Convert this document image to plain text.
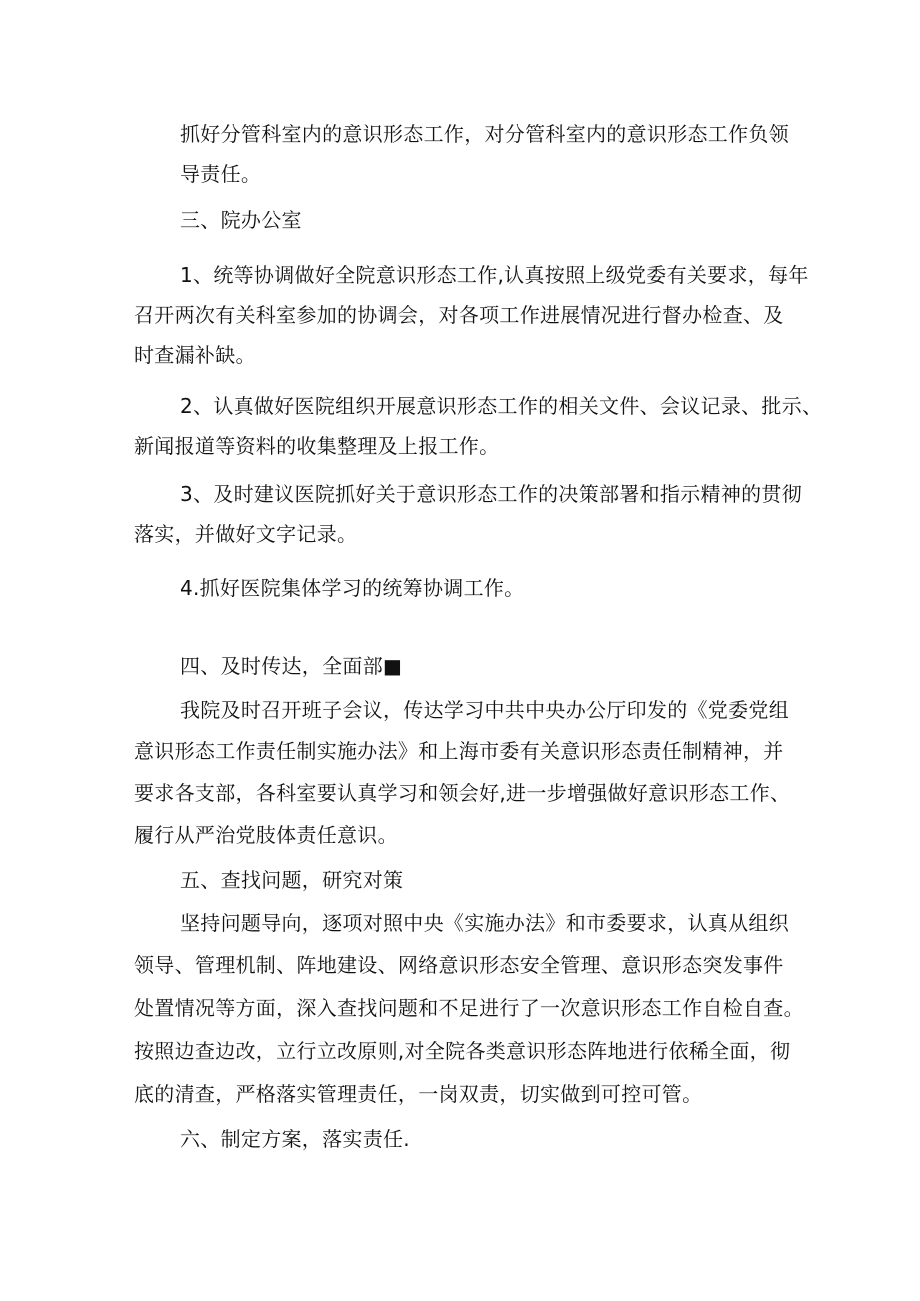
抓好分管科室内的意识形态工作，对分管科室内的意识形态工作负领

导责任。

三、院办公室

1、统等协调做好全院意识形态工作,认真按照上级党委有关要求，每年

召开两次有关科室参加的协调会，对各项工作进展情况进行督办检查、及

时查漏补缺。

2、认真做好医院组织开展意识形态工作的相关文件、会议记录、批示、

新闻报道等资料的收集整理及上报工作。

3、及时建议医院抓好关于意识形态工作的决策部署和指示精神的贯彻

落实，并做好文字记录。

4.抓好医院集体学习的统筹协调工作。

四、及时传达，全面部■

我院及时召开班子会议，传达学习中共中央办公厅印发的《党委党组

意识形态工作责任制实施办法》和上海市委有关意识形态责任制精神，并

要求各支部，各科室要认真学习和领会好,进一步增强做好意识形态工作、

履行从严治党肢体责任意识。

五、查找问题，研究对策

坚持问题导向，逐项对照中央《实施办法》和市委要求，认真从组织

领导、管理机制、阵地建设、网络意识形态安全管理、意识形态突发事件

处置情况等方面，深入查找问题和不足进行了一次意识形态工作自检自查。

按照边查边改，立行立改原则,对全院各类意识形态阵地进行依稀全面，彻

底的清查，严格落实管理责任，一岗双责，切实做到可控可管。

六、制定方案，落实责任.
